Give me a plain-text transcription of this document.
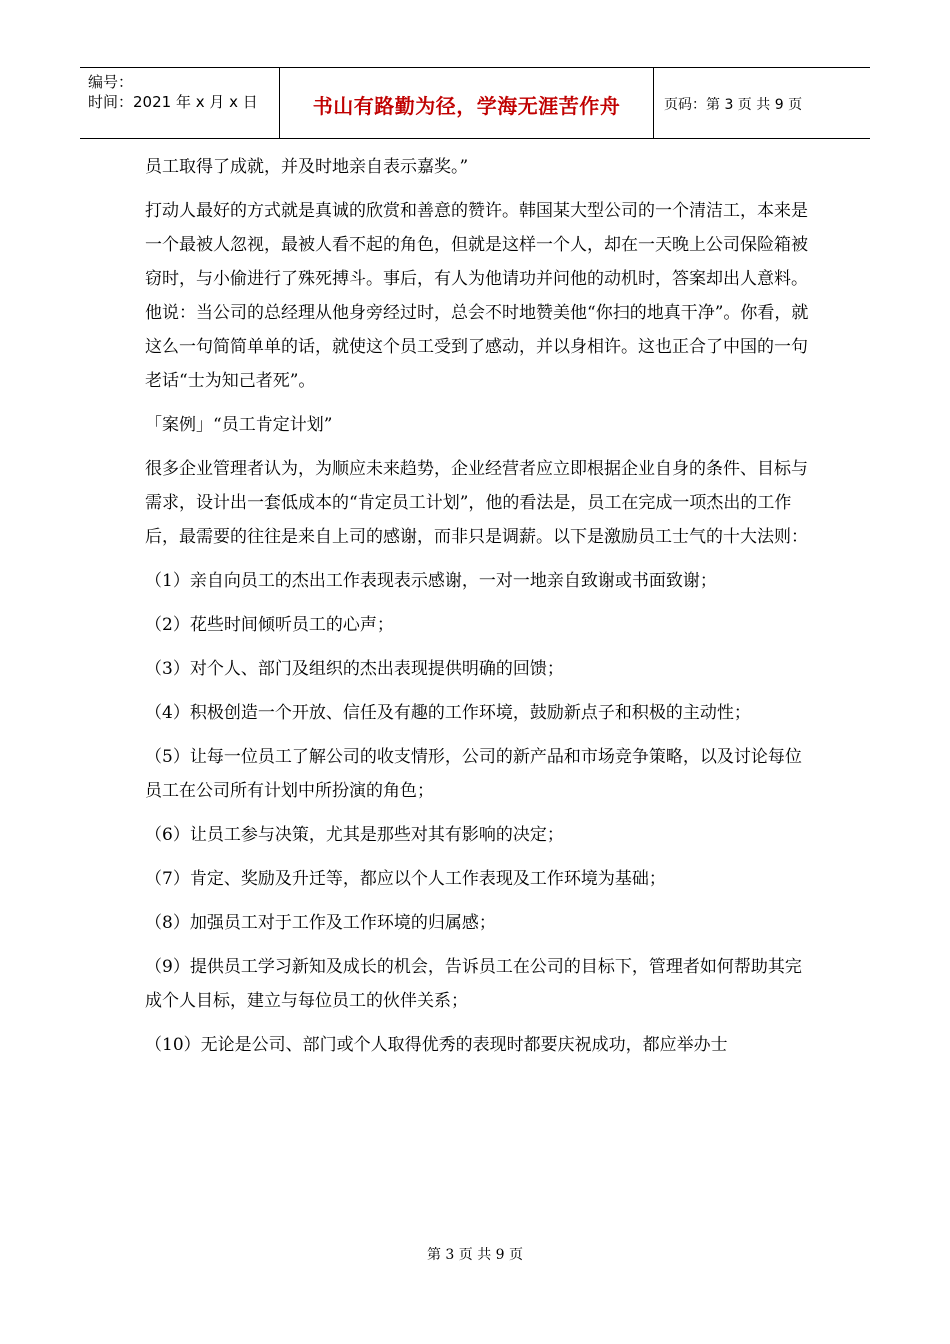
编号：
时间：2021 年 x 月 x 日	书山有路勤为径，学海无涯苦作舟	页码：第 3 页 共 9 页

员工取得了成就，并及时地亲自表示嘉奖。”

打动人最好的方式就是真诚的欣赏和善意的赞许。韩国某大型公司的一个清洁工，本来是一个最被人忽视，最被人看不起的角色，但就是这样一个人，却在一天晚上公司保险箱被窃时，与小偷进行了殊死搏斗。事后，有人为他请功并问他的动机时，答案却出人意料。他说：当公司的总经理从他身旁经过时，总会不时地赞美他“你扫的地真干净”。你看，就这么一句简简单单的话，就使这个员工受到了感动，并以身相许。这也正合了中国的一句老话“士为知己者死”。

「案例」“员工肯定计划”

很多企业管理者认为，为顺应未来趋势，企业经营者应立即根据企业自身的条件、目标与需求，设计出一套低成本的“肯定员工计划”，他的看法是，员工在完成一项杰出的工作后，最需要的往往是来自上司的感谢，而非只是调薪。以下是激励员工士气的十大法则：

（1）亲自向员工的杰出工作表现表示感谢，一对一地亲自致谢或书面致谢；

（2）花些时间倾听员工的心声；

（3）对个人、部门及组织的杰出表现提供明确的回馈；

（4）积极创造一个开放、信任及有趣的工作环境，鼓励新点子和积极的主动性；

（5）让每一位员工了解公司的收支情形，公司的新产品和市场竞争策略，以及讨论每位员工在公司所有计划中所扮演的角色；

（6）让员工参与决策，尤其是那些对其有影响的决定；

（7）肯定、奖励及升迁等，都应以个人工作表现及工作环境为基础；

（8）加强员工对于工作及工作环境的归属感；

（9）提供员工学习新知及成长的机会，告诉员工在公司的目标下，管理者如何帮助其完成个人目标，建立与每位员工的伙伴关系；

（10）无论是公司、部门或个人取得优秀的表现时都要庆祝成功，都应举办士

第 3 页 共 9 页
